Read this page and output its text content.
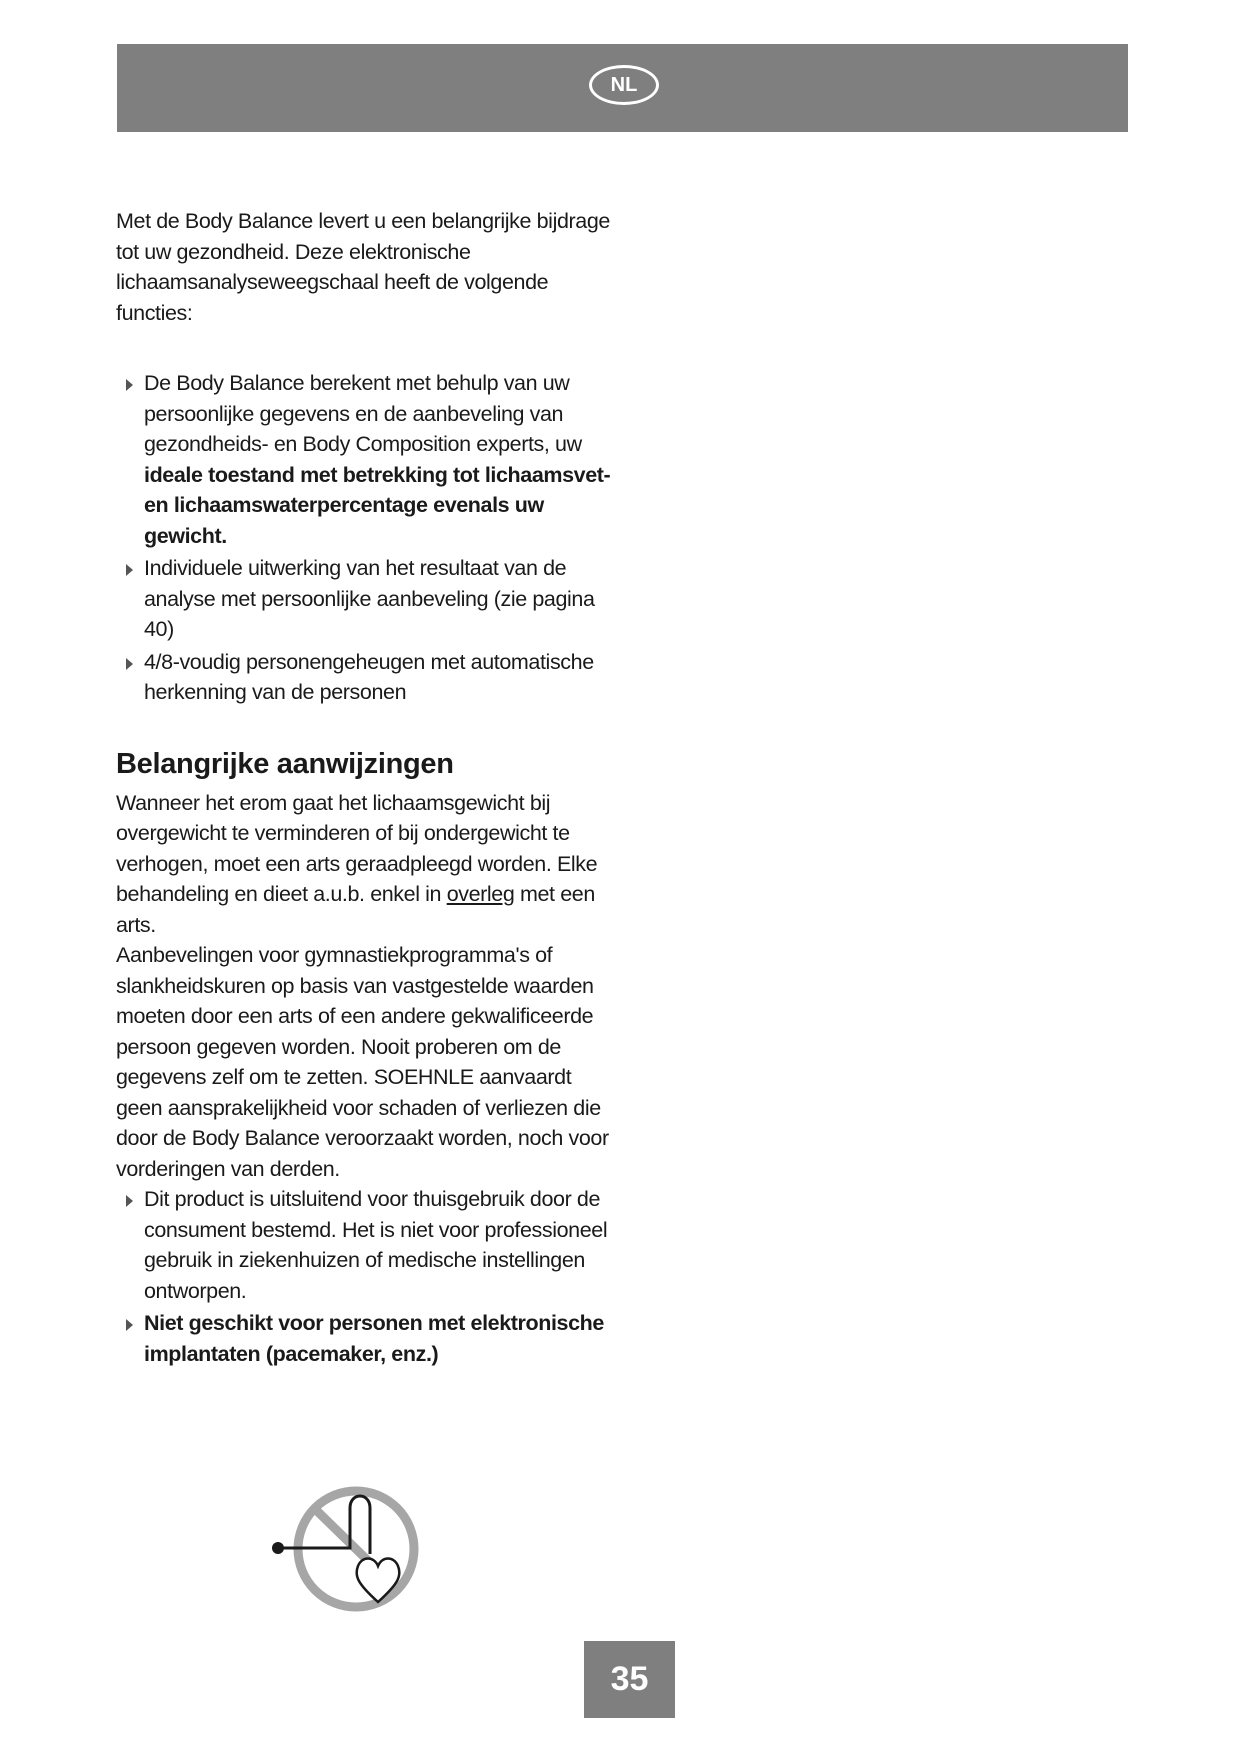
NL

Met de Body Balance levert u een belangrijke bijdrage tot uw gezondheid. Deze elektronische lichaamsanalyseweegschaal heeft de volgende functies:

De Body Balance berekent met behulp van uw persoonlijke gegevens en de aanbeveling van gezondheids- en Body Composition experts, uw ideale toestand met betrekking tot lichaamsvet- en lichaamswaterpercentage evenals uw gewicht.
Individuele uitwerking van het resultaat van de analyse met persoonlijke aanbeveling (zie pagina 40)
4/8-voudig personengeheugen met automatische herkenning van de personen
Belangrijke aanwijzingen

Wanneer het erom gaat het lichaamsgewicht bij overgewicht te verminderen of bij ondergewicht te verhogen, moet een arts geraadpleegd worden. Elke behandeling en dieet a.u.b. enkel in overleg met een arts.

Aanbevelingen voor gymnastiekprogramma's of slankheidskuren op basis van vastgestelde waarden moeten door een arts of een andere gekwalificeerde persoon gegeven worden. Nooit proberen om de gegevens zelf om te zetten. SOEHNLE aanvaardt geen aansprakelijkheid voor schaden of verliezen die door de Body Balance veroorzaakt worden, noch voor vorderingen van derden.

Dit product is uitsluitend voor thuisgebruik door de consument bestemd. Het is niet voor professioneel gebruik in ziekenhuizen of medische instellingen ontworpen.
Niet geschikt voor personen met elektronische implantaten (pacemaker, enz.)
35
